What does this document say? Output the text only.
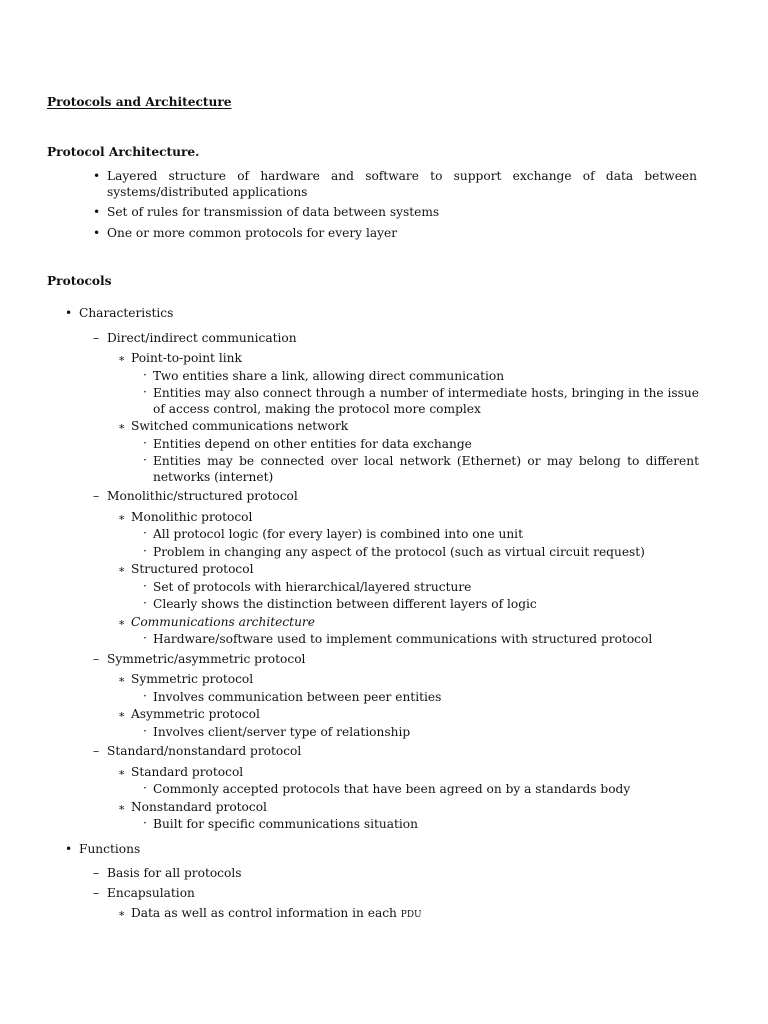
Protocols and Architecture
Protocol Architecture.
• Layered structure of hardware and software to support exchange of data between systems/distributed applications
• Set of rules for transmission of data between systems
• One or more common protocols for every layer
Protocols
• Characteristics
– Direct/indirect communication
∗ Point-to-point link
· Two entities share a link, allowing direct communication
· Entities may also connect through a number of intermediate hosts, bringing in the issue of access control, making the protocol more complex
∗ Switched communications network
· Entities depend on other entities for data exchange
· Entities may be connected over local network (Ethernet) or may belong to different networks (internet)
– Monolithic/structured protocol
∗ Monolithic protocol
· All protocol logic (for every layer) is combined into one unit
· Problem in changing any aspect of the protocol (such as virtual circuit request)
∗ Structured protocol
· Set of protocols with hierarchical/layered structure
· Clearly shows the distinction between different layers of logic
∗ Communications architecture
· Hardware/software used to implement communications with structured protocol
– Symmetric/asymmetric protocol
∗ Symmetric protocol
· Involves communication between peer entities
∗ Asymmetric protocol
· Involves client/server type of relationship
– Standard/nonstandard protocol
∗ Standard protocol
· Commonly accepted protocols that have been agreed on by a standards body
∗ Nonstandard protocol
· Built for specific communications situation
• Functions
– Basis for all protocols
– Encapsulation
∗ Data as well as control information in each pdu
